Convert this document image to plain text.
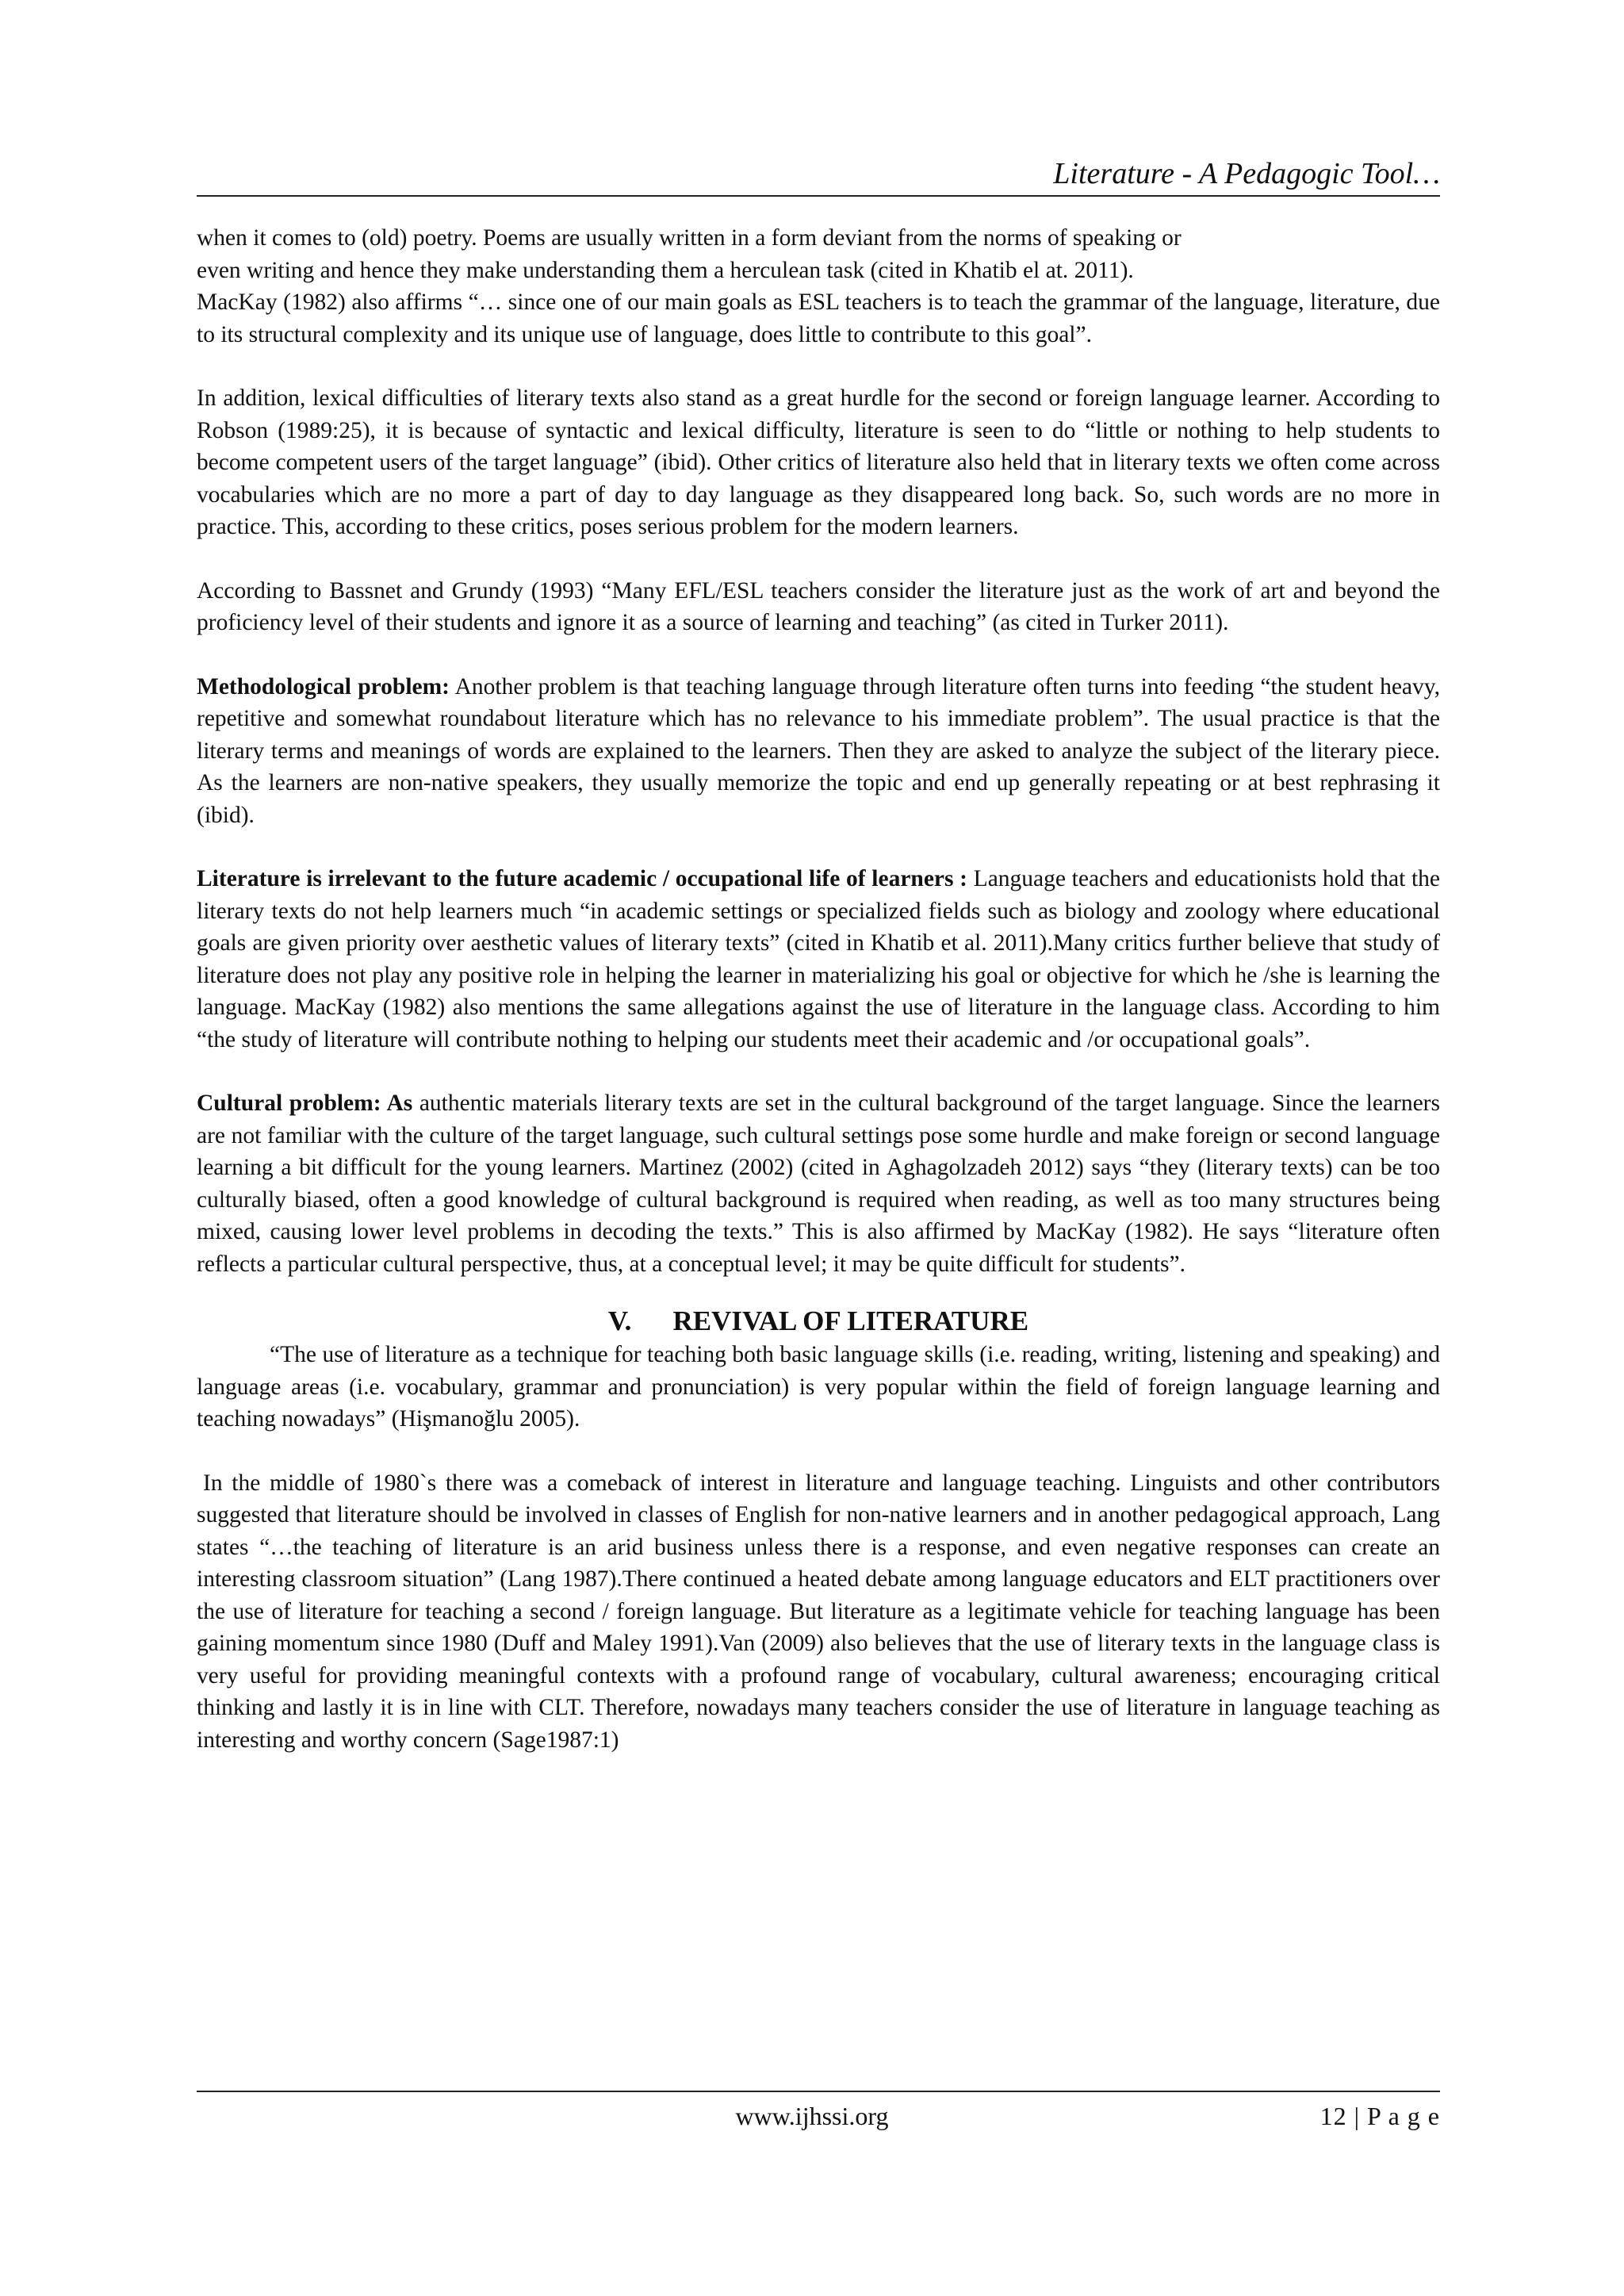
Literature - A Pedagogic Tool…

when it comes to (old) poetry. Poems are usually written in a form deviant from the norms of speaking or

even writing and hence they make understanding them a herculean task (cited in Khatib el at. 2011).

MacKay (1982) also affirms “… since one of our main goals as ESL teachers is to teach the grammar of the language, literature, due to its structural complexity and its unique use of language, does little to contribute to this goal”.

In addition, lexical difficulties of literary texts also stand as a great hurdle for the second or foreign language learner. According to Robson (1989:25), it is because of syntactic and lexical difficulty, literature is seen to do “little or nothing to help students to become competent users of the target language” (ibid). Other critics of literature also held that in literary texts we often come across vocabularies which are no more a part of day to day language as they disappeared long back. So, such words are no more in practice. This, according to these critics, poses serious problem for the modern learners.

According to Bassnet and Grundy (1993) “Many EFL/ESL teachers consider the literature just as the work of art and beyond the proficiency level of their students and ignore it as a source of learning and teaching” (as cited in Turker 2011).

Methodological problem: Another problem is that teaching language through literature often turns into feeding “the student heavy, repetitive and somewhat roundabout literature which has no relevance to his immediate problem”. The usual practice is that the literary terms and meanings of words are explained to the learners. Then they are asked to analyze the subject of the literary piece. As the learners are non-native speakers, they usually memorize the topic and end up generally repeating or at best rephrasing it (ibid).

Literature is irrelevant to the future academic / occupational life of learners : Language teachers and educationists hold that the literary texts do not help learners much “in academic settings or specialized fields such as biology and zoology where educational goals are given priority over aesthetic values of literary texts” (cited in Khatib et al. 2011).Many critics further believe that study of literature does not play any positive role in helping the learner in materializing his goal or objective for which he /she is learning the language. MacKay (1982) also mentions the same allegations against the use of literature in the language class. According to him “the study of literature will contribute nothing to helping our students meet their academic and /or occupational goals”.

Cultural problem: As authentic materials literary texts are set in the cultural background of the target language. Since the learners are not familiar with the culture of the target language, such cultural settings pose some hurdle and make foreign or second language learning a bit difficult for the young learners. Martinez (2002) (cited in Aghagolzadeh 2012) says “they (literary texts) can be too culturally biased, often a good knowledge of cultural background is required when reading, as well as too many structures being mixed, causing lower level problems in decoding the texts.” This is also affirmed by MacKay (1982). He says “literature often reflects a particular cultural perspective, thus, at a conceptual level; it may be quite difficult for students”.

V. REVIVAL OF LITERATURE

“The use of literature as a technique for teaching both basic language skills (i.e. reading, writing, listening and speaking) and language areas (i.e. vocabulary, grammar and pronunciation) is very popular within the field of foreign language learning and teaching nowadays” (Hişmanoğlu 2005).

In the middle of 1980`s there was a comeback of interest in literature and language teaching. Linguists and other contributors suggested that literature should be involved in classes of English for non-native learners and in another pedagogical approach, Lang states “…the teaching of literature is an arid business unless there is a response, and even negative responses can create an interesting classroom situation” (Lang 1987).There continued a heated debate among language educators and ELT practitioners over the use of literature for teaching a second / foreign language. But literature as a legitimate vehicle for teaching language has been gaining momentum since 1980 (Duff and Maley 1991).Van (2009) also believes that the use of literary texts in the language class is very useful for providing meaningful contexts with a profound range of vocabulary, cultural awareness; encouraging critical thinking and lastly it is in line with CLT. Therefore, nowadays many teachers consider the use of literature in language teaching as interesting and worthy concern (Sage1987:1)

www.ijhssi.org	12 | P a g e
